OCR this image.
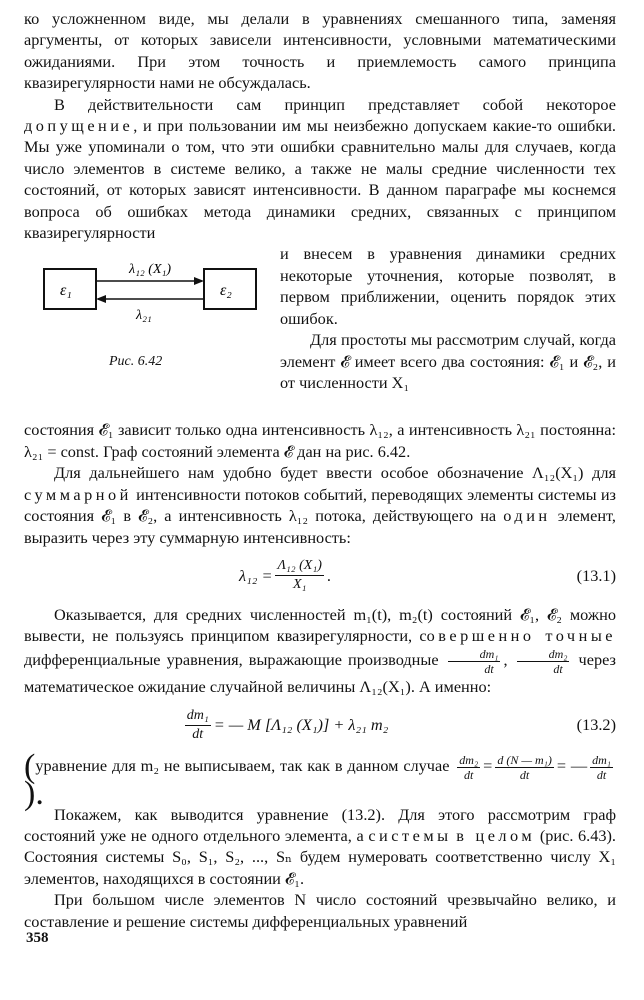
ко усложненном виде, мы делали в уравнениях смешанного типа, заменяя аргументы, от которых зависели интенсивности, условными математическими ожиданиями. При этом точность и приемлемость самого принципа квазирегулярности нами не обсуждалась.

В действительности сам принцип представляет собой некоторое допущение, и при пользовании им мы неизбежно допускаем какие-то ошибки. Мы уже упоминали о том, что эти ошибки сравнительно малы для случаев, когда число элементов в системе велико, а также не малы средние численности тех состояний, от которых зависят интенсивности. В данном параграфе мы коснемся вопроса об ошибках метода динамики средних, связанных с принципом квазирегулярности

ε₁	ε₂
λ₁₂ (X₁)
λ₂₁
Рис. 6.42

и внесем в уравнения динамики средних некоторые уточнения, которые позволят, в первом приближении, оценить порядок этих ошибок.

Для простоты мы рассмотрим случай, когда элемент 𝓔 имеет всего два состояния: 𝓔₁ и 𝓔₂, и от численности X₁

состояния 𝓔₁ зависит только одна интенсивность λ₁₂, а интенсивность λ₂₁ постоянна: λ₂₁ = const. Граф состояний элемента 𝓔 дан на рис. 6.42.

Для дальнейшего нам удобно будет ввести особое обозначение Λ₁₂(X₁) для суммарной интенсивности потоков событий, переводящих элементы системы из состояния 𝓔₁ в 𝓔₂, а интенсивность λ₁₂ потока, действующего на один элемент, выразить через эту суммарную интенсивность:

$\lambda_{12} = \frac{\text{Λ₁₂ (X₁)}}{\text{X₁}}$ .	(13.1)

Оказывается, для средних численностей m₁(t), m₂(t) состояний 𝓔₁, 𝓔₂ можно вывести, не пользуясь принципом квазирегулярности, совершенно точные дифференциальные уравнения, выражающие производные $\frac{\text{dm₁}}{dt}$ , $\frac{\text{dm₂}}{dt}$ через математическое ожидание случайной величины Λ₁₂(X₁). А именно:

$\frac{\text{dm₁}}{dt}$ = — M [Λ₁₂ (X₁)] + λ₂₁ m₂	(13.2)

(уравнение для m₂ не выписываем, так как в данном случае $\frac{\text{dm₂}}{dt} = \frac{\text{d (N — m₁)}}{dt}$ = — $\frac{\text{dm₁}}{dt}$
).

Покажем, как выводится уравнение (13.2). Для этого рассмотрим граф состояний уже не одного отдельного элемента, а системы в целом (рис. 6.43). Состояния системы S₀, S₁, S₂, ..., Sₙ будем нумеровать соответственно числу X₁ элементов, находящихся в состоянии 𝓔₁.

При большом числе элементов N число состояний чрезвычайно велико, и составление и решение системы дифференциальных уравнений

358
